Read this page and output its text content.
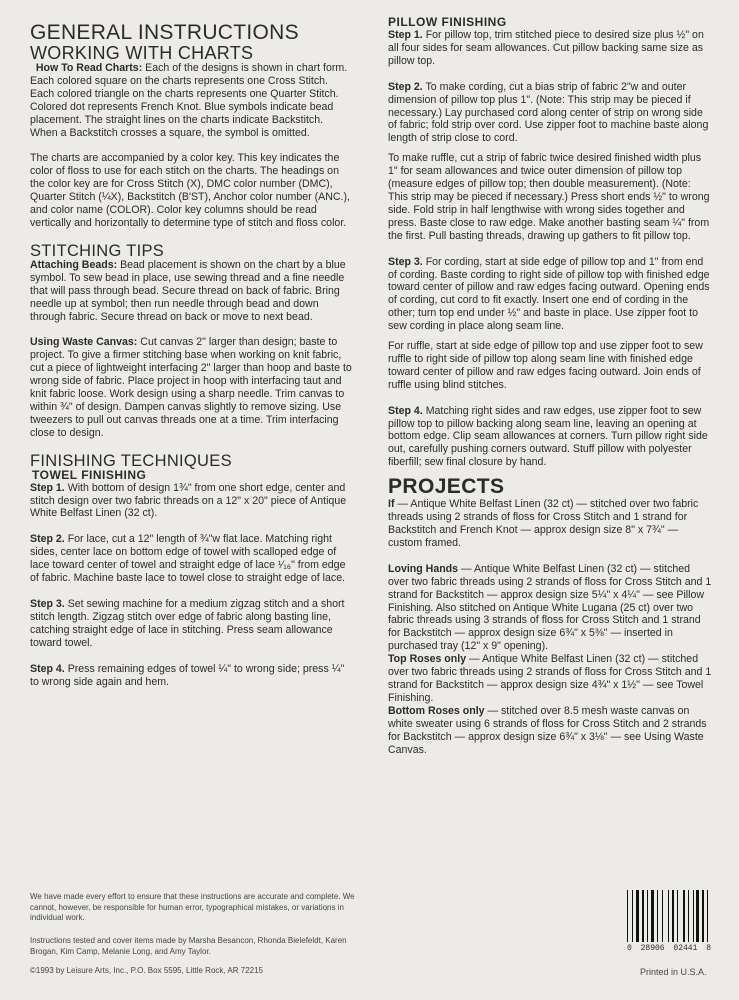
GENERAL INSTRUCTIONS
WORKING WITH CHARTS

How To Read Charts: Each of the designs is shown in chart form. Each colored square on the charts represents one Cross Stitch. Each colored triangle on the charts represents one Quarter Stitch. Colored dot represents French Knot. Blue symbols indicate bead placement. The straight lines on the charts indicate Backstitch. When a Backstitch crosses a square, the symbol is omitted.

The charts are accompanied by a color key. This key indicates the color of floss to use for each stitch on the charts. The headings on the color key are for Cross Stitch (X), DMC color number (DMC), Quarter Stitch (¼X), Backstitch (B'ST), Anchor color number (ANC.), and color name (COLOR). Color key columns should be read vertically and horizontally to determine type of stitch and floss color.

STITCHING TIPS

Attaching Beads: Bead placement is shown on the chart by a blue symbol. To sew bead in place, use sewing thread and a fine needle that will pass through bead. Secure thread on back of fabric. Bring needle up at symbol; then run needle through bead and down through fabric. Secure thread on back or move to next bead.

Using Waste Canvas: Cut canvas 2" larger than design; baste to project. To give a firmer stitching base when working on knit fabric, cut a piece of lightweight interfacing 2" larger than hoop and baste to wrong side of fabric. Place project in hoop with interfacing taut and knit fabric loose. Work design using a sharp needle. Trim canvas to within ¾" of design. Dampen canvas slightly to remove sizing. Use tweezers to pull out canvas threads one at a time. Trim interfacing close to design.

FINISHING TECHNIQUES
TOWEL FINISHING

Step 1. With bottom of design 1¾" from one short edge, center and stitch design over two fabric threads on a 12" x 20" piece of Antique White Belfast Linen (32 ct).

Step 2. For lace, cut a 12" length of ¾"w flat lace. Matching right sides, center lace on bottom edge of towel with scalloped edge of lace toward center of towel and straight edge of lace ¹⁄₁₆" from edge of fabric. Machine baste lace to towel close to straight edge of lace.

Step 3. Set sewing machine for a medium zigzag stitch and a short stitch length. Zigzag stitch over edge of fabric along basting line, catching straight edge of lace in stitching. Press seam allowance toward towel.

Step 4. Press remaining edges of towel ¼" to wrong side; press ¼" to wrong side again and hem.

PILLOW FINISHING

Step 1. For pillow top, trim stitched piece to desired size plus ½" on all four sides for seam allowances. Cut pillow backing same size as pillow top.

Step 2. To make cording, cut a bias strip of fabric 2"w and outer dimension of pillow top plus 1". (Note: This strip may be pieced if necessary.) Lay purchased cord along center of strip on wrong side of fabric; fold strip over cord. Use zipper foot to machine baste along length of strip close to cord.

To make ruffle, cut a strip of fabric twice desired finished width plus 1" for seam allowances and twice outer dimension of pillow top (measure edges of pillow top; then double measurement). (Note: This strip may be pieced if necessary.) Press short ends ½" to wrong side. Fold strip in half lengthwise with wrong sides together and press. Baste close to raw edge. Make another basting seam ¼" from the first. Pull basting threads, drawing up gathers to fit pillow top.

Step 3. For cording, start at side edge of pillow top and 1" from end of cording. Baste cording to right side of pillow top with finished edge toward center of pillow and raw edges facing outward. Opening ends of cording, cut cord to fit exactly. Insert one end of cording in the other; turn top end under ½" and baste in place. Use zipper foot to sew cording in place along seam line.

For ruffle, start at side edge of pillow top and use zipper foot to sew ruffle to right side of pillow top along seam line with finished edge toward center of pillow and raw edges facing outward. Join ends of ruffle using blind stitches.

Step 4. Matching right sides and raw edges, use zipper foot to sew pillow top to pillow backing along seam line, leaving an opening at bottom edge. Clip seam allowances at corners. Turn pillow right side out, carefully pushing corners outward. Stuff pillow with polyester fiberfill; sew final closure by hand.

PROJECTS

If — Antique White Belfast Linen (32 ct) — stitched over two fabric threads using 2 strands of floss for Cross Stitch and 1 strand for Backstitch and French Knot — approx design size 8" x 7¾" — custom framed.

Loving Hands — Antique White Belfast Linen (32 ct) — stitched over two fabric threads using 2 strands of floss for Cross Stitch and 1 strand for Backstitch — approx design size 5¼" x 4¼" — see Pillow Finishing. Also stitched on Antique White Lugana (25 ct) over two fabric threads using 3 strands of floss for Cross Stitch and 1 strand for Backstitch — approx design size 6¾" x 5⅜" — inserted in purchased tray (12" x 9" opening).

Top Roses only — Antique White Belfast Linen (32 ct) — stitched over two fabric threads using 2 strands of floss for Cross Stitch and 1 strand for Backstitch — approx design size 4¾" x 1½" — see Towel Finishing.

Bottom Roses only — stitched over 8.5 mesh waste canvas on white sweater using 6 strands of floss for Cross Stitch and 2 strands for Backstitch — approx design size 6¾" x 3⅛" — see Using Waste Canvas.

We have made every effort to ensure that these instructions are accurate and complete. We cannot, however, be responsible for human error, typographical mistakes, or variations in individual work.
Instructions tested and cover items made by Marsha Besancon, Rhonda Bielefeldt, Karen Brogan, Kim Camp, Melanie Long, and Amy Taylor.
©1993 by Leisure Arts, Inc., P.O. Box 5595, Little Rock, AR 72215
0 28906 02441 8
Printed in U.S.A.
